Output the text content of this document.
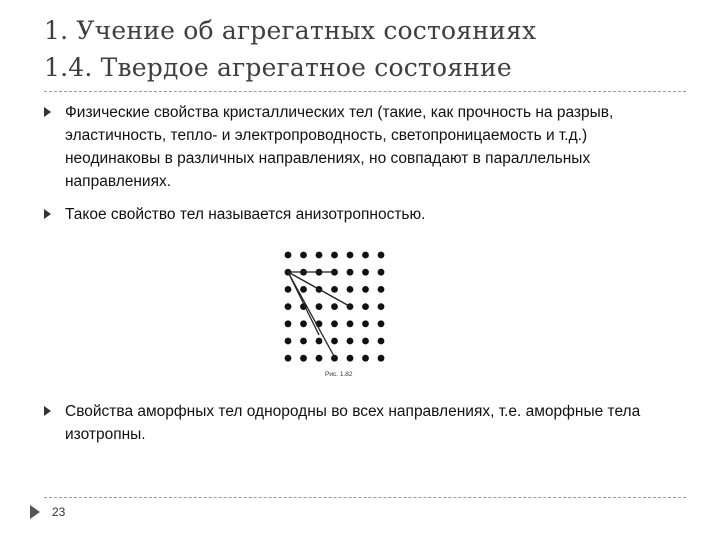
1. Учение об агрегатных состояниях
1.4. Твердое агрегатное состояние
Физические свойства кристаллических тел (такие, как прочность на разрыв, эластичность, тепло- и электропроводность, светопроницаемость и т.д.) неодинаковы в различных направлениях, но совпадают в параллельных направлениях.
Такое свойство тел называется анизотропностью.
Рис. 1.82
Свойства аморфных тел однородны во всех направлениях, т.е. аморфные тела изотропны.
23
